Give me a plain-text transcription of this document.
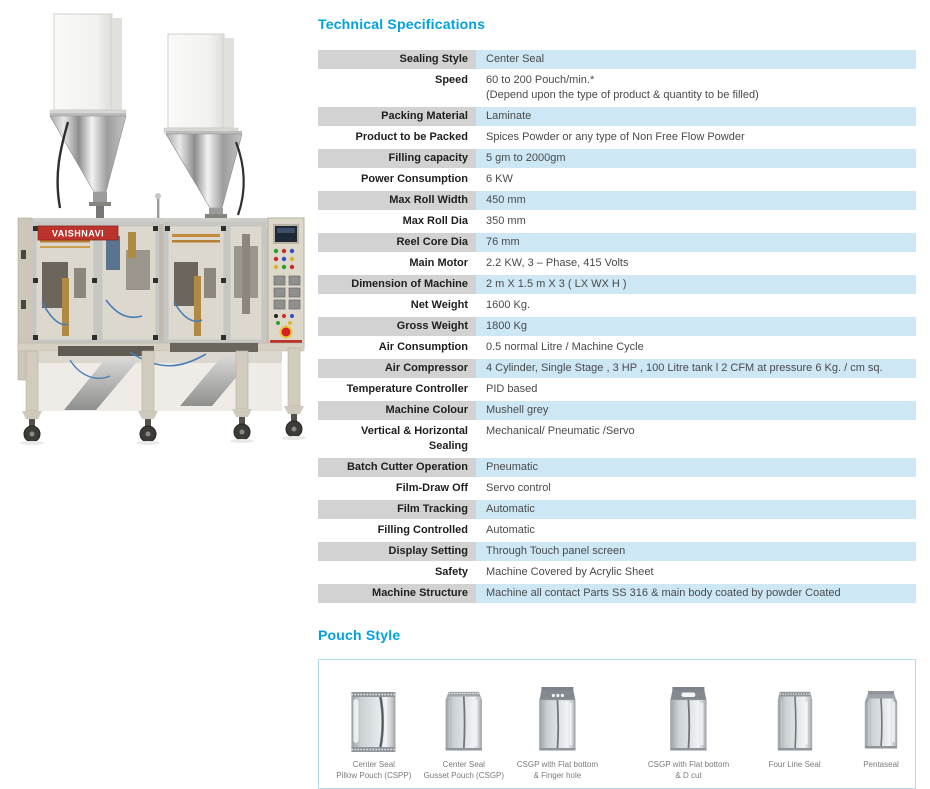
VAISHNAVI
Technical Specifications
Sealing Style	Center Seal

Speed	60 to 200 Pouch/min.*
(Depend upon the type of product & quantity to be filled)

Packing Material	Laminate

Product to be Packed	Spices Powder or any type of Non Free Flow Powder

Filling capacity	5 gm to 2000gm

Power Consumption	6 KW

Max Roll Width	450 mm

Max Roll Dia	350 mm

Reel Core Dia	76 mm

Main Motor	2.2 KW, 3 – Phase, 415 Volts

Dimension of Machine	2 m X 1.5 m X 3 ( LX WX H )

Net Weight	1600 Kg.

Gross Weight	1800 Kg

Air Consumption	0.5 normal Litre / Machine Cycle

Air Compressor	4 Cylinder, Single Stage , 3 HP , 100 Litre tank l 2 CFM at pressure 6 Kg. / cm sq.

Temperature Controller	PID based

Machine Colour	Mushell grey

Vertical & Horizontal Sealing	Mechanical/ Pneumatic /Servo

Batch Cutter Operation	Pneumatic

Film-Draw Off	Servo control

Film Tracking	Automatic

Filling Controlled	Automatic

Display Setting	Through Touch panel screen

Safety	Machine Covered by Acrylic Sheet

Machine Structure	Machine all contact Parts SS 316 & main body coated by powder Coated
Pouch Style
Center Seal
Pillow Pouch (CSPP)
Center Seal
Gusset Pouch (CSGP)
CSGP with Flat bottom
& Finger hole
CSGP with Flat bottom
& D cut
Four Line Seal	Pentaseal
